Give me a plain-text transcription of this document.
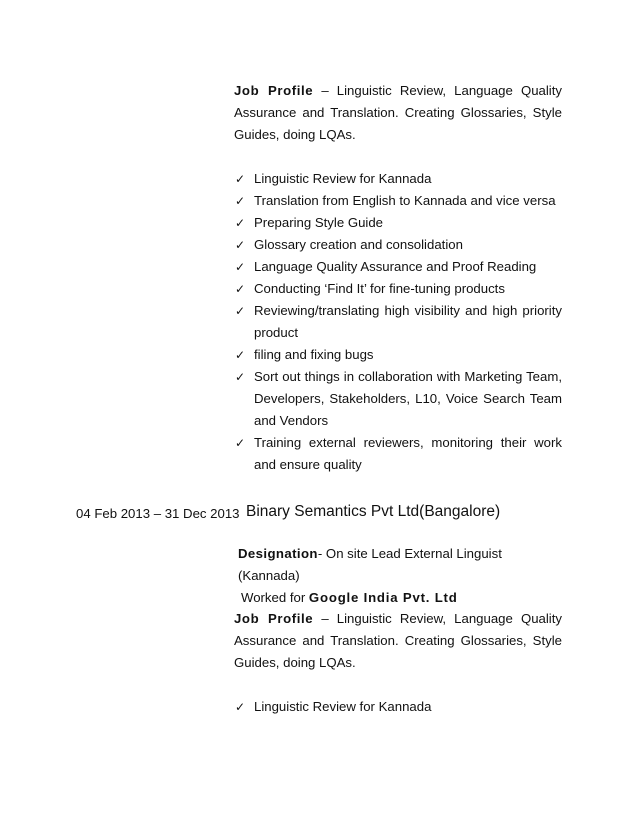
Job Profile – Linguistic Review, Language Quality Assurance and Translation. Creating Glossaries, Style Guides, doing LQAs.

✓ Linguistic Review for Kannada
✓ Translation from English to Kannada and vice versa
✓ Preparing Style Guide
✓ Glossary creation and consolidation
✓ Language Quality Assurance and Proof Reading
✓ Conducting ‘Find It’ for fine-tuning products
✓ Reviewing/translating high visibility and high priority product
✓ filing and fixing bugs
✓ Sort out things in collaboration with Marketing Team, Developers, Stakeholders, L10, Voice Search Team and Vendors
✓ Training external reviewers, monitoring their work and ensure quality
04 Feb 2013 – 31 Dec 2013 Binary Semantics Pvt Ltd(Bangalore)

Designation- On site Lead External Linguist (Kannada)

Worked for Google India Pvt. Ltd

Job Profile – Linguistic Review, Language Quality Assurance and Translation. Creating Glossaries, Style Guides, doing LQAs.

✓ Linguistic Review for Kannada
